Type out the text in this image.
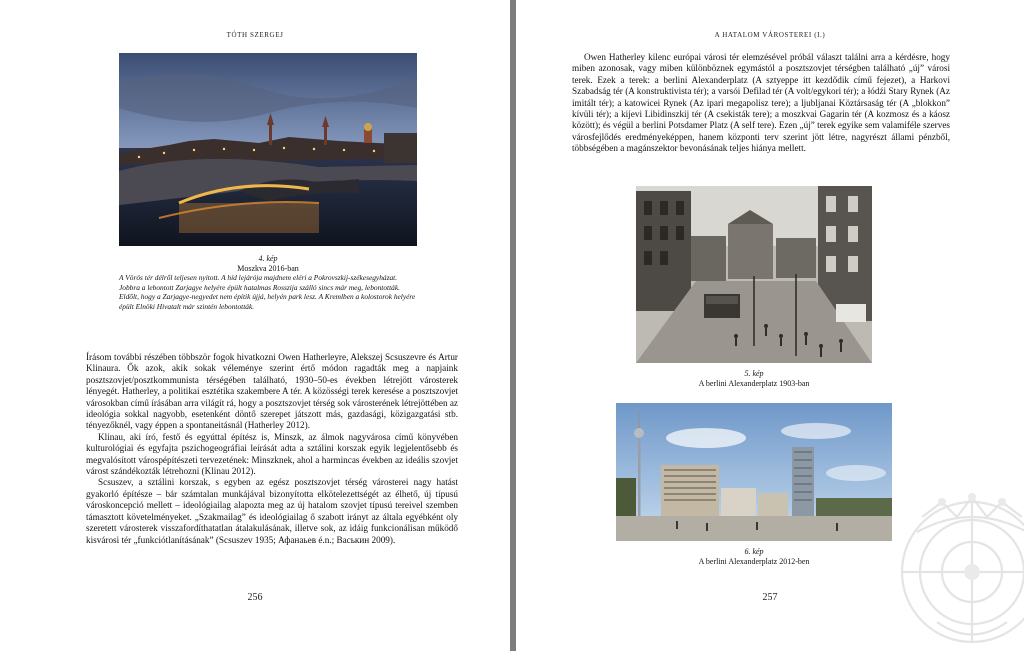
TÓTH SZERGEJ
4. kép
Moszkva 2016-ban
A Vörös tér délről teljesen nyitott. A híd lejárója majdnem eléri a Pokrovszkij-székesegyházat. Jobbra a lebontott Zarjagye helyére épült hatalmas Rosszija szálló sincs már meg, lebontották. Eldőlt, hogy a Zarjagye-negyedet nem építik újjá, helyén park lesz. A Kremlben a kolostorok helyére épült Elnöki Hivatalt már szintén lebontották.

Írásom további részében többször fogok hivatkozni Owen Hatherleyre, Alekszej Scsuszevre és Artur Klinaura. Ők azok, akik sokak véleménye szerint értő módon ragadták meg a napjaink posztszovjet/posztkommunista térségében található, 1930–50-es években létrejött városterek lényegét. Hatherley, a politikai esztétika szakembere A tér. A közösségi terek keresése a posztszovjet városokban című írásában arra világít rá, hogy a posztszovjet térség sok városterének létrejöttében az ideológia sokkal nagyobb, esetenként döntő szerepet játszott más, gazdasági, közigazgatási stb. tényezőknél, vagy éppen a spontaneitásnál (Hatherley 2012).

Klinau, aki író, festő és egyúttal építész is, Minszk, az álmok nagyvárosa című könyvében kulturológiai és egyfajta pszichogeográfiai leírását adta a sztálini korszak egyik legjelentősebb és megvalósított várospépítészeti tervezetének: Minszknek, ahol a harmincas években az ideális szovjet várost szándékozták létrehozni (Klinau 2012).

Scsuszev, a sztálini korszak, s egyben az egész posztszovjet térség városterei nagy hatást gyakorló építésze – bár számtalan munkájával bizonyította elkötelezettségét az élhető, új típusú városkoncepció mellett – ideológiailag alapozta meg az új hatalom szovjet típusú tereivel szemben támasztott követelményeket. „Szakmailag” és ideológiailag ő szabott irányt az általa egyébként oly szeretett városterek visszafordíthatatlan átalakulásának, illetve sok, az idáig funkcionálisan működő kisvárosi tér „funkciótlanításának” (Scsuszev 1935; Афанаьев é.n.; Васькин 2009).

256
A HATALOM VÁROSTEREI (I.)

Owen Hatherley kilenc európai városi tér elemzésével próbál választ találni arra a kérdésre, hogy miben azonosak, vagy miben különböznek egymástól a posztszovjet térségben található „új” városi terek. Ezek a terek: a berlini Alexanderplatz (A sztyeppe itt kezdődik című fejezet), a Harkovi Szabadság tér (A konstruktivista tér); a varsói Defilad tér (A volt/egykori tér); a łódźi Stary Rynek (Az imitált tér); a katowicei Rynek (Az ipari megapolisz tere); a ljubljanai Köztársaság tér (A „blokkon” kívüli tér); a kijevi Libidinszkij tér (A csekisták tere); a moszkvai Gagarin tér (A kozmosz és a káosz között); és végül a berlini Potsdamer Platz (A self tere). Ezen „új” terek egyike sem valamiféle szerves városfejlődés eredményeképpen, hanem központi terv szerint jött létre, nagyrészt állami pénzből, többségében a magánszektor bevonásának teljes hiánya mellett.

5. kép
A berlini Alexanderplatz 1903-ban
6. kép
A berlini Alexanderplatz 2012-ben
257
